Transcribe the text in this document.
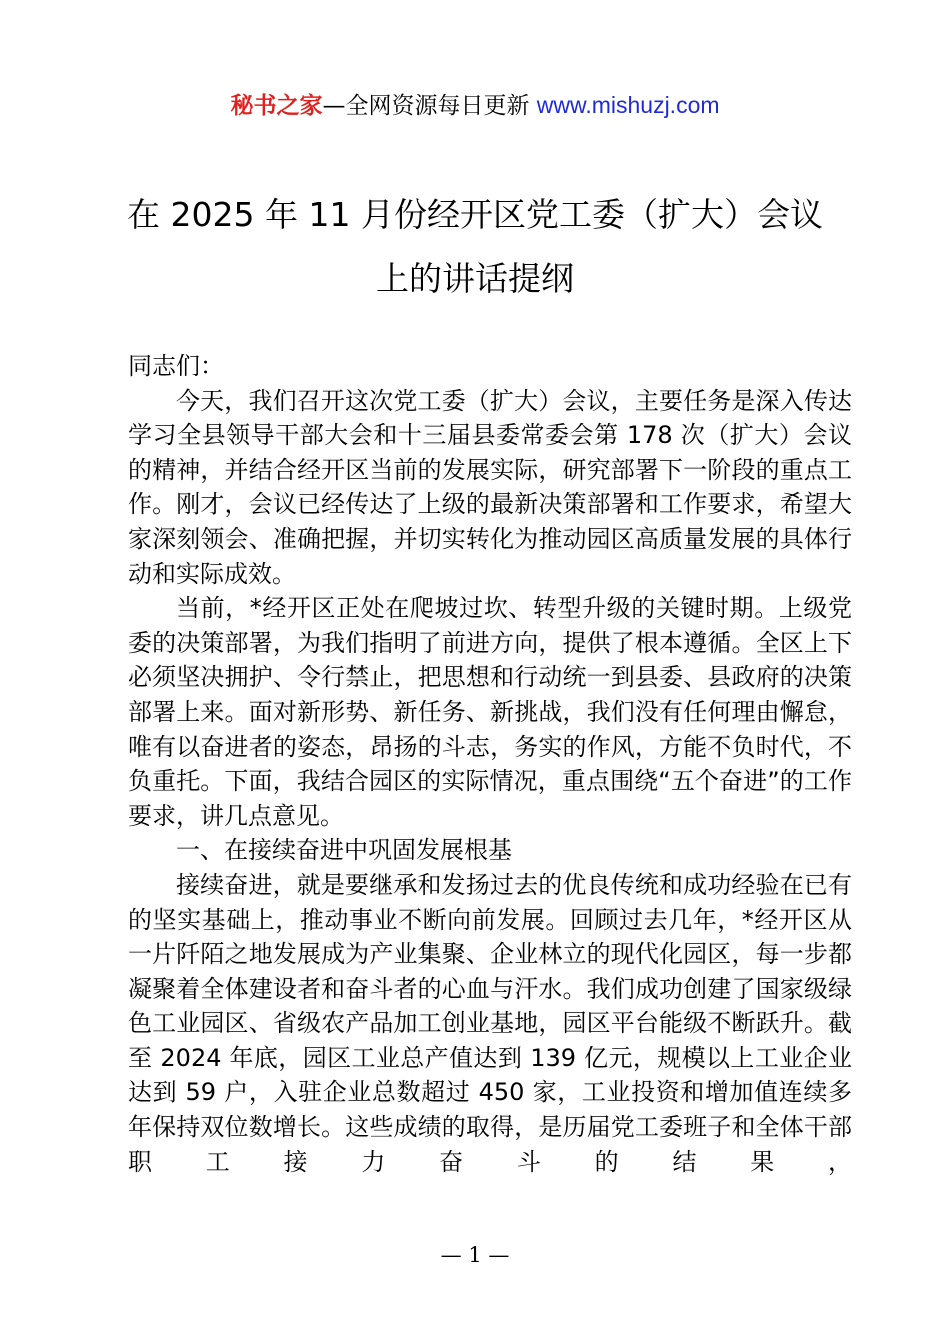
秘书之家—全网资源每日更新 www.mishuzj.com
在 2025 年 11 月份经开区党工委（扩大）会议
上的讲话提纲

同志们：

今天，我们召开这次党工委（扩大）会议，主要任务是深入传达学习全县领导干部大会和十三届县委常委会第 178 次（扩大）会议的精神，并结合经开区当前的发展实际，研究部署下一阶段的重点工作。刚才，会议已经传达了上级的最新决策部署和工作要求，希望大家深刻领会、准确把握，并切实转化为推动园区高质量发展的具体行动和实际成效。

当前，*经开区正处在爬坡过坎、转型升级的关键时期。上级党委的决策部署，为我们指明了前进方向，提供了根本遵循。全区上下必须坚决拥护、令行禁止，把思想和行动统一到县委、县政府的决策部署上来。面对新形势、新任务、新挑战，我们没有任何理由懈怠，唯有以奋进者的姿态，昂扬的斗志，务实的作风，方能不负时代，不负重托。下面，我结合园区的实际情况，重点围绕“五个奋进”的工作要求，讲几点意见。

一、在接续奋进中巩固发展根基

接续奋进，就是要继承和发扬过去的优良传统和成功经验在已有的坚实基础上，推动事业不断向前发展。回顾过去几年，*经开区从一片阡陌之地发展成为产业集聚、企业林立的现代化园区，每一步都凝聚着全体建设者和奋斗者的心血与汗水。我们成功创建了国家级绿色工业园区、省级农产品加工创业基地，园区平台能级不断跃升。截至 2024 年底，园区工业总产值达到 139 亿元，规模以上工业企业达到 59 户，入驻企业总数超过 450 家，工业投资和增加值连续多年保持双位数增长。这些成绩的取得，是历届党工委班子和全体干部职工接力奋斗的结果，

— 1 —
